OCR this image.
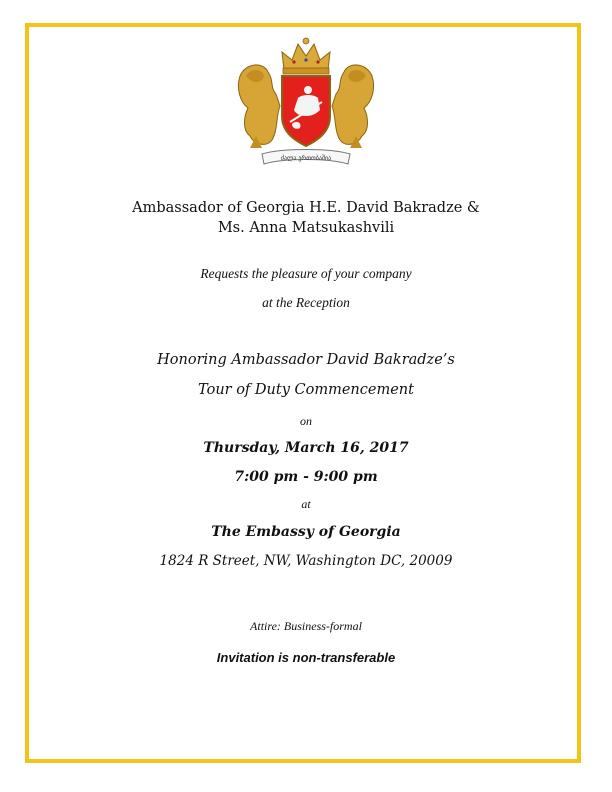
ძალა ერთობაშია
Ambassador of Georgia H.E. David Bakradze &
Ms. Anna Matsukashvili
Requests the pleasure of your company
at the Reception
Honoring Ambassador David Bakradze’s
Tour of Duty Commencement
on
Thursday, March 16, 2017
7:00 pm - 9:00 pm
at
The Embassy of Georgia
1824 R Street, NW, Washington DC, 20009
Attire: Business-formal
Invitation is non-transferable
